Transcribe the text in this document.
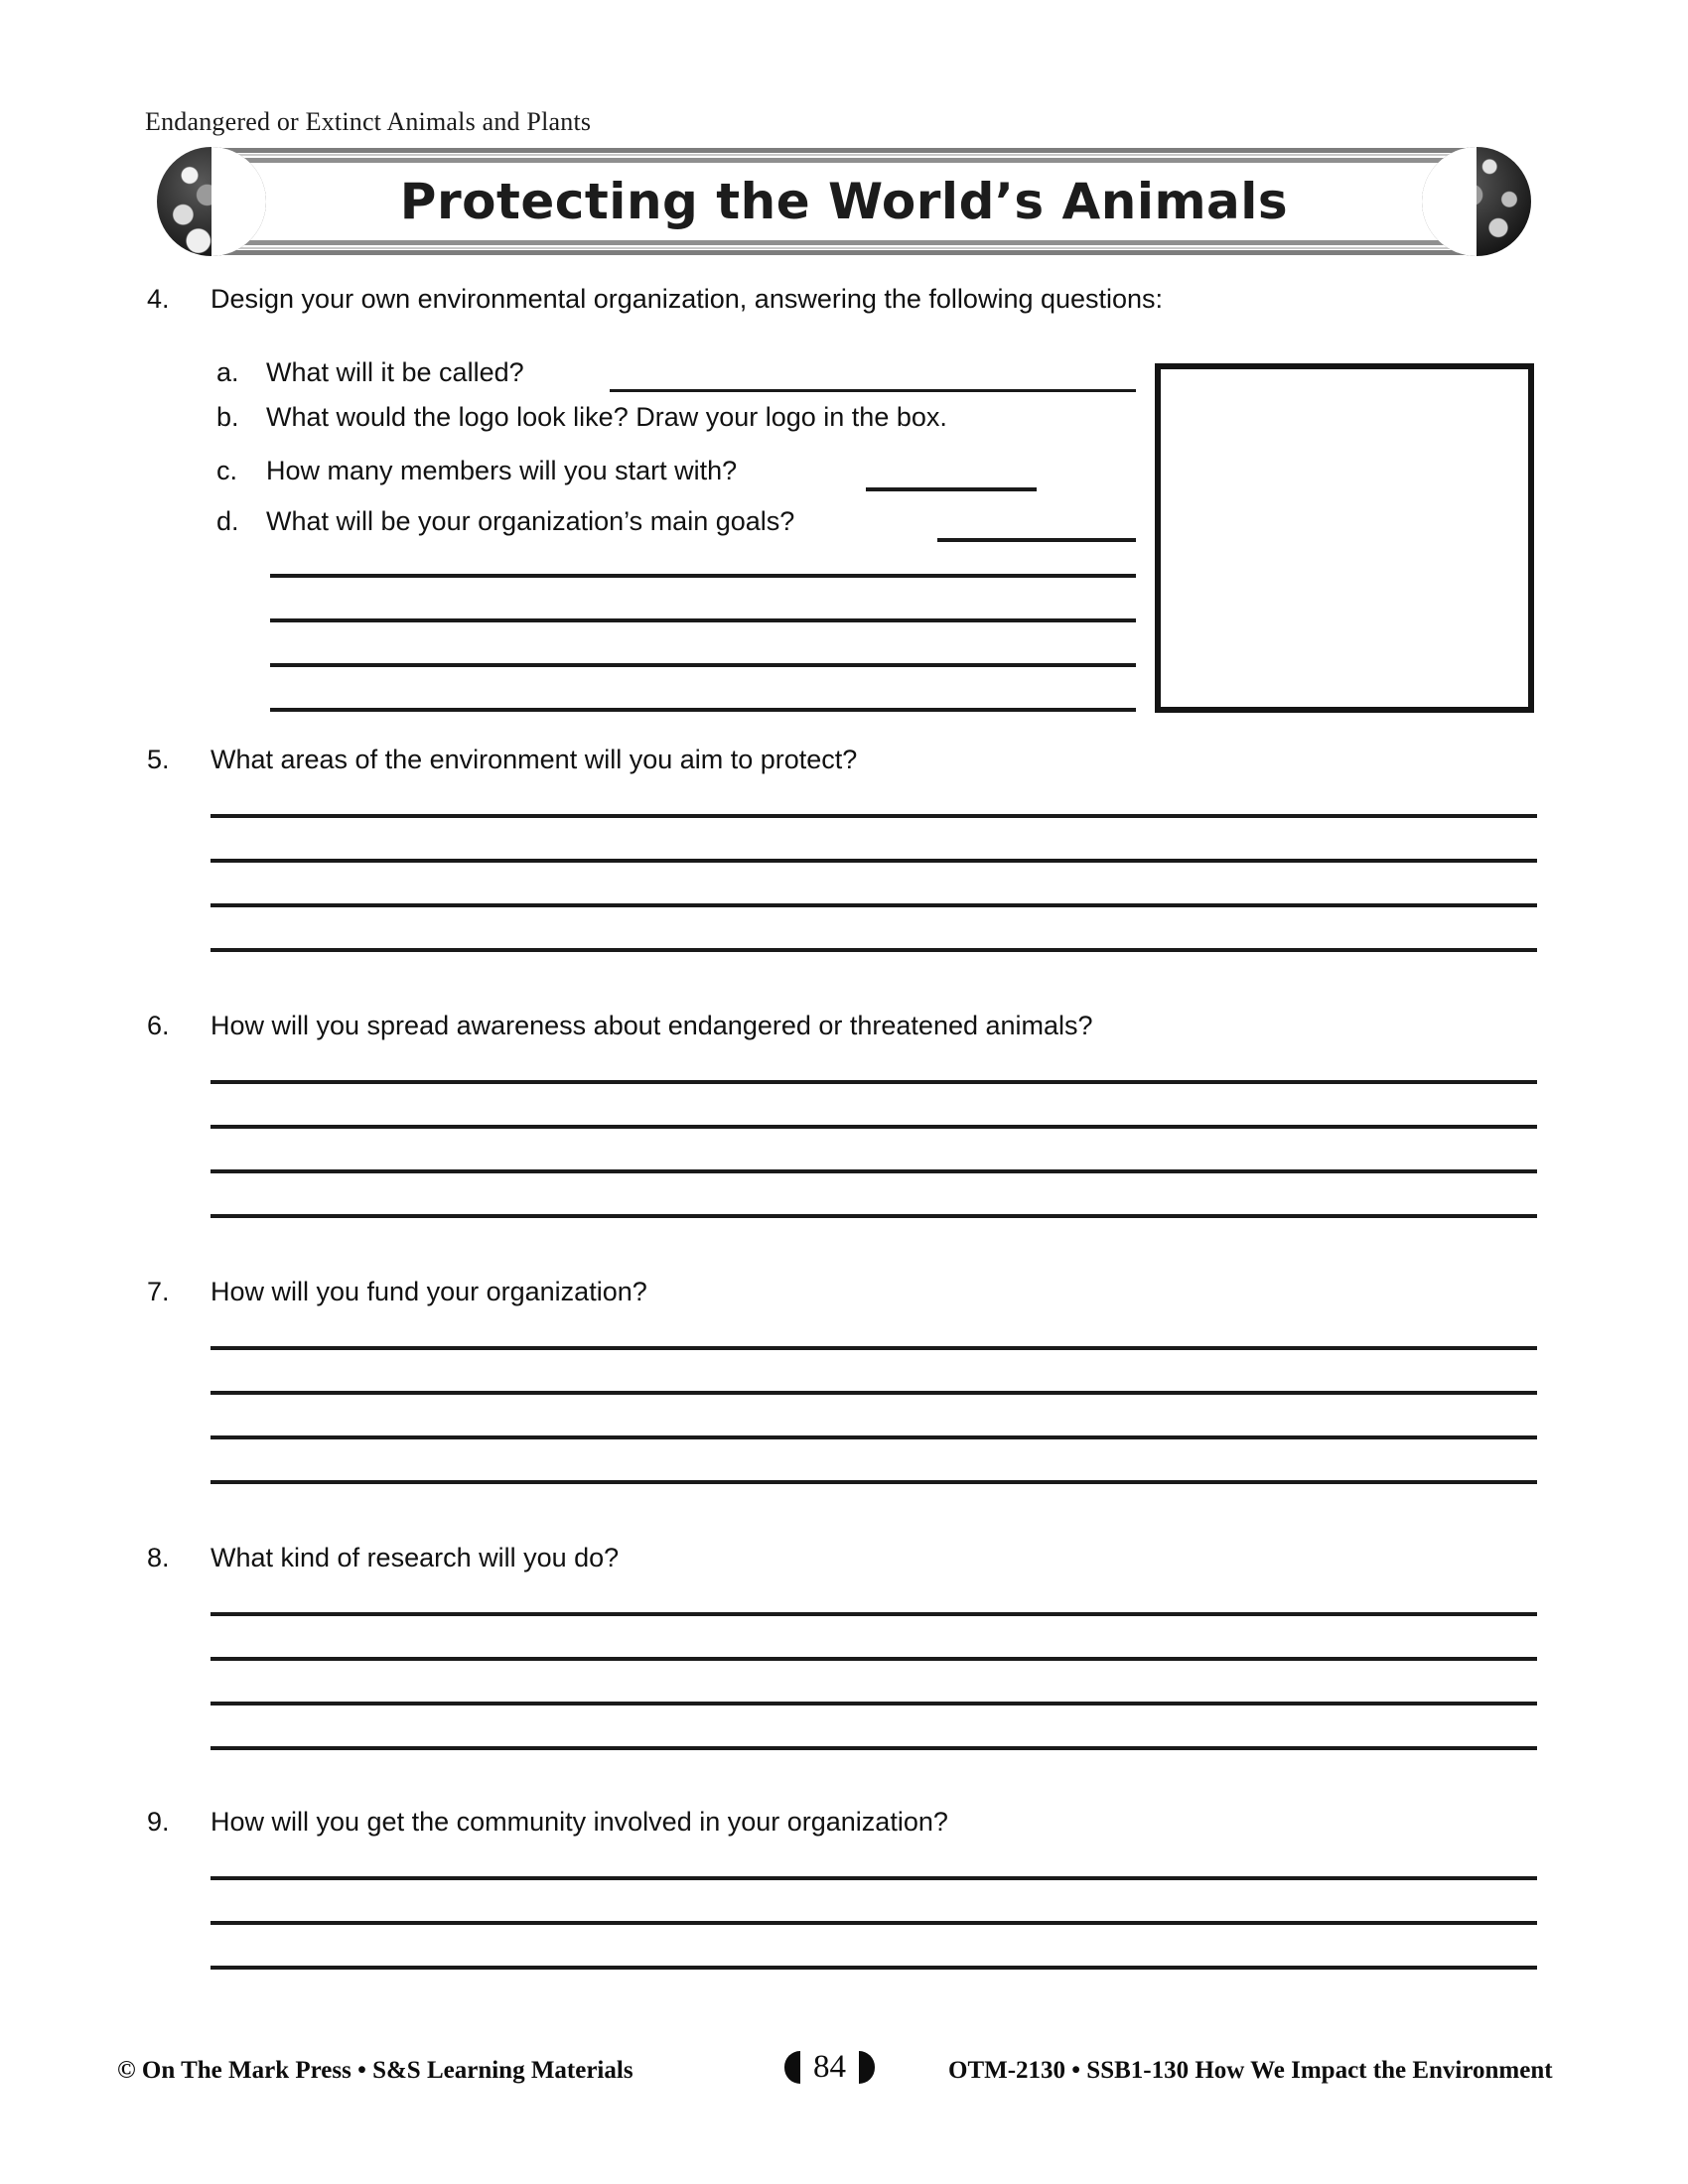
Endangered or Extinct Animals and Plants
Protecting the World’s Animals
4. Design your own environmental organization, answering the following questions:
a. What will it be called?
b. What would the logo look like? Draw your logo in the box.
c. How many members will you start with?
d. What will be your organization’s main goals?
5. What areas of the environment will you aim to protect?
6. How will you spread awareness about endangered or threatened animals?
7. How will you fund your organization?
8. What kind of research will you do?
9. How will you get the community involved in your organization?
© On The Mark Press • S&S Learning Materials	84	OTM-2130 • SSB1-130 How We Impact the Environment
